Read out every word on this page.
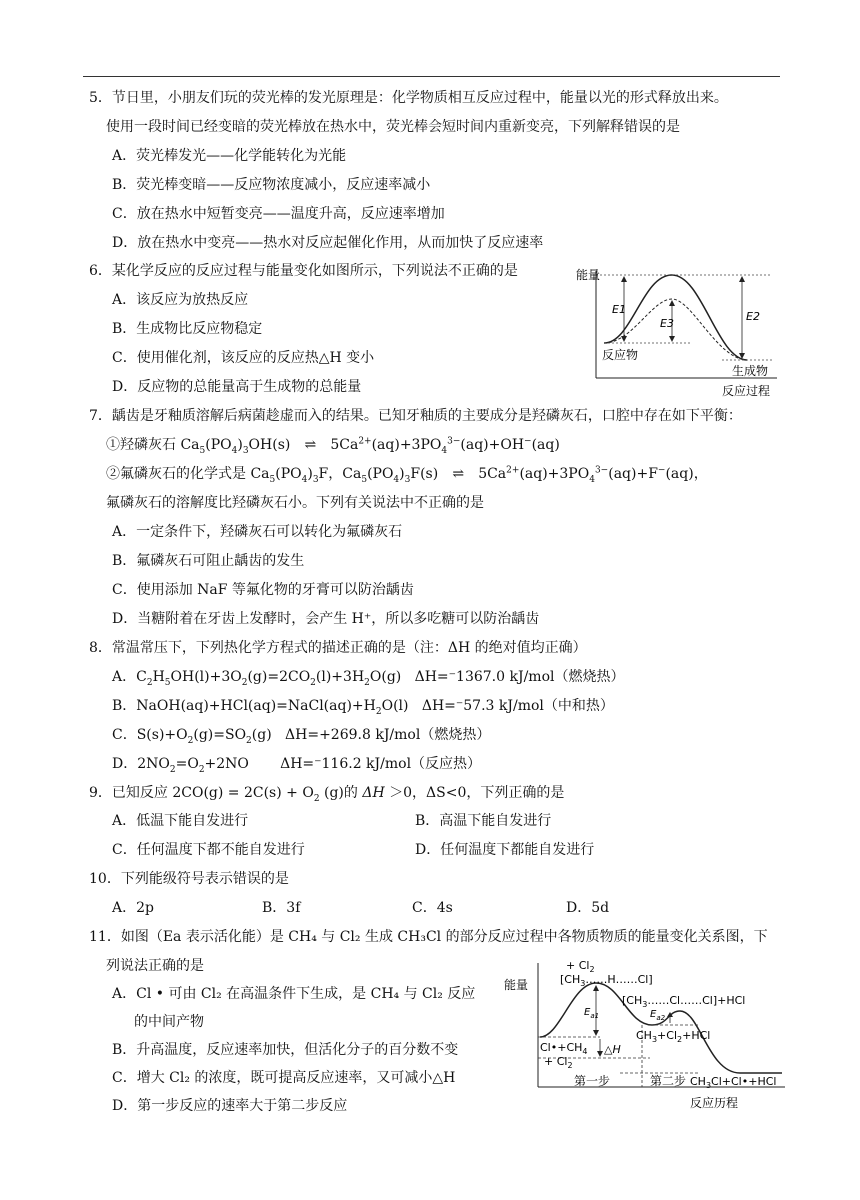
5．节日里，小朋友们玩的荧光棒的发光原理是：化学物质相互反应过程中，能量以光的形式释放出来。
使用一段时间已经变暗的荧光棒放在热水中，荧光棒会短时间内重新变亮，下列解释错误的是
A．荧光棒发光——化学能转化为光能
B．荧光棒变暗——反应物浓度减小，反应速率减小
C．放在热水中短暂变亮——温度升高，反应速率增加
D．放在热水中变亮——热水对反应起催化作用，从而加快了反应速率
6．某化学反应的反应过程与能量变化如图所示，下列说法不正确的是
A．该反应为放热反应
B．生成物比反应物稳定
C．使用催化剂，该反应的反应热△H 变小
D．反应物的总能量高于生成物的总能量
能量
反应过程
E1
E3
E2
反应物
生成物
7．龋齿是牙釉质溶解后病菌趁虚而入的结果。已知牙釉质的主要成分是羟磷灰石，口腔中存在如下平衡：
①羟磷灰石 $Ca_5(PO_4)_3OH(s)$ ⇌ $5Ca^{2+}(aq)+3PO_4^{3-}(aq)+OH^-(aq)$
②氟磷灰石的化学式是 $Ca_5(PO_4)_3F$，$Ca_5(PO_4)_3F(s)$ ⇌ $5Ca^{2+}(aq)+3PO_4^{3-}(aq)+F^-(aq)$，
氟磷灰石的溶解度比羟磷灰石小。下列有关说法中不正确的是
A．一定条件下，羟磷灰石可以转化为氟磷灰石
B．氟磷灰石可阻止龋齿的发生
C．使用添加 NaF 等氟化物的牙膏可以防治龋齿
D．当糖附着在牙齿上发酵时，会产生 H⁺，所以多吃糖可以防治龋齿
8．常温常压下，下列热化学方程式的描述正确的是（注：ΔH 的绝对值均正确）
A．$C_2H_5OH(l)+3O_2(g)=2CO_2(l)+3H_2O(g)$   ΔH=⁻1367.0 kJ/mol（燃烧热）
B．$NaOH(aq)+HCl(aq)=NaCl(aq)+H_2O(l)$   ΔH=⁻57.3 kJ/mol（中和热）
C．$S(s)+O_2(g)=SO_2(g)$   ΔH=+269.8 kJ/mol（燃烧热）
D．$2NO_2=O_2+2NO$       ΔH=⁻116.2 kJ/mol（反应热）
9．已知反应 $2CO(g) = 2C(s) + O_2$ (g)的 ΔH ＞0，ΔS<0，下列正确的是
A．低温下能自发进行	B．高温下能自发进行
C．任何温度下都不能自发进行	D．任何温度下都能自发进行
10．下列能级符号表示错误的是
A．2p	B．3f	C．4s	D．5d
11．如图（Ea 表示活化能）是 CH₄ 与 Cl₂ 生成 CH₃Cl 的部分反应过程中各物质物质的能量变化关系图，下
列说法正确的是
A．Cl • 可由 Cl₂ 在高温条件下生成，是 CH₄ 与 Cl₂ 反应
的中间产物
B．升高温度，反应速率加快，但活化分子的百分数不变
C．增大 Cl₂ 的浓度，既可提高反应速率，又可减小△H
D．第一步反应的速率大于第二步反应
能量
反应历程
+ $Cl_2$
$[CH_3\dots\dots H\dots\dots Cl]$
$[CH_3\dots\dots Cl\dots\dots Cl]+HCl$
$CH_3+Cl_2+HCl$
$Cl•+CH_4$
+ $Cl_2$
$E_{a1}$	$E_{a2}$
△H
第一步	第二步 $CH_3Cl+Cl•+HCl$
